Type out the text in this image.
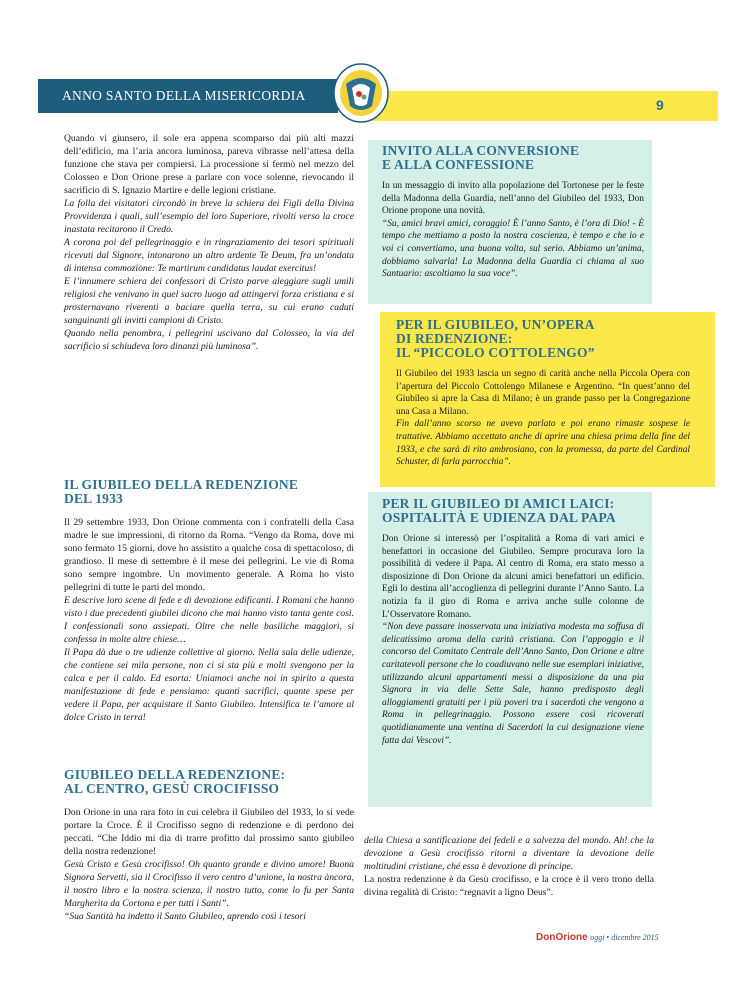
ANNO SANTO DELLA MISERICORDIA
9

Quando vi giunsero, il sole era appena scomparso dai più alti mazzi dell’edificio, ma l’aria ancora luminosa, pareva vibrasse nell’attesa della funzione che stava per compiersi. La processione si fermò nel mezzo del Colosseo e Don Orione prese a parlare con voce solenne, rievocando il sacrificio di S. Ignazio Martire e delle legioni cristiane.

La folla dei visitatori circondò in breve la schiera dei Figli della Divina Provvidenza i quali, sull’esempio del loro Superiore, rivolti verso la croce inastata recitarono il Credo.

A corona poi del pellegrinaggio e in ringraziamento dei tesori spirituali ricevuti dal Signore, intonarono un altro ardente Te Deum, fra un’ondata di intensa commozione: Te martirum candidatus laudat exercitus!

E l’innumere schiera dei confessori di Cristo parve aleggiare sugli umili religiosi che venivano in quel sacro luogo ad attingervi forza cristiana e si prosternavano riverenti a baciare quella terra, su cui erano caduti sanguinanti gli invitti campioni di Cristo.

Quando nella penombra, i pellegrini uscivano dal Colosseo, la via del sacrificio si schiudeva loro dinanzi più luminosa”.

IL GIUBILEO DELLA REDENZIONE
DEL 1933

Il 29 settembre 1933, Don Orione commenta con i confratelli della Casa madre le sue impressioni, di ritorno da Roma. “Vengo da Roma, dove mi sono fermato 15 giorni, dove ho assistito a qualche cosa di spettacoloso, di grandioso. Il mese di settembre è il mese dei pellegrini. Le vie di Roma sono sempre ingombre. Un movimento generale. A Roma ho visto pellegrini di tutte le parti del mondo.

E descrive loro scene di fede e di devozione edificanti. I Romani che hanno visto i due precedenti giubilei dicono che mai hanno visto tanta gente così. I confessionali sono assiepati. Oltre che nelle basiliche maggiori, si confessa in molte altre chiese…

Il Papa dà due o tre udienze collettive al giorno. Nella sala delle udienze, che contiene sei mila persone, non ci si sta più e molti svengono per la calca e per il caldo. Ed esorta: Uniamoci anche noi in spirito a questa manifestazione di fede e pensiamo: quanti sacrifici, quante spese per vedere il Papa, per acquistare il Santo Giubileo. Intensifica te l’amore al dolce Cristo in terra!

GIUBILEO DELLA REDENZIONE:
AL CENTRO, GESÙ CROCIFISSO

Don Orione in una rara foto in cui celebra il Giubileo del 1933, lo si vede portare la Croce. È il Crocifisso segno di redenzione e di perdono dei peccati. “Che Iddio mi dia di trarre profitto dal prossimo santo giubileo della nostra redenzione!

Gesù Cristo e Gesù crocifisso! Oh quanto grande e divino amore! Buona Signora Servetti, sia il Crocifisso il vero centro d’unione, la nostra àncora, il nostro libro e la nostra scienza, il nostro tutto, come lo fu per Santa Margherita da Cortona e per tutti i Santi”.

“Sua Santità ha indetto il Santo Giubileo, aprendo così i tesori

INVITO ALLA CONVERSIONE
E ALLA CONFESSIONE

In un messaggio di invito alla popolazione del Tortonese per le feste della Madonna della Guardia, nell’anno del Giubileo del 1933, Don Orione propone una novità.

“Su, amici bravi amici, coraggio! È l’anno Santo, è l’ora di Dio! - È tempo che mettiamo a posto la nostra coscienza, è tempo e che io e voi ci convertiamo, una buona volta, sul serio. Abbiamo un’anima, dobbiamo salvarla! La Madonna della Guardia ci chiama al suo Santuario: ascoltiamo la sua voce”.

PER IL GIUBILEO, UN’OPERA
DI REDENZIONE:
IL “PICCOLO COTTOLENGO”

Il Giubileo del 1933 lascia un segno di carità anche nella Piccola Opera con l’apertura del Piccolo Cottolengo Milanese e Argentino. “In quest’anno del Giubileo si apre la Casa di Milano; è un grande passo per la Congregazione una Casa a Milano.

Fin dall’anno scorso ne avevo parlato e poi erano rimaste sospese le trattative. Abbiamo accettato anche di aprire una chiesa prima della fine del 1933, e che sarà di rito ambrosiano, con la promessa, da parte del Cardinal Schuster, di farla parrocchia”.

PER IL GIUBILEO DI AMICI LAICI:
OSPITALITÀ E UDIENZA DAL PAPA

Don Orione si interessò per l’ospitalità a Roma di vari amici e benefattori in occasione del Giubileo. Sempre procurava loro la possibilità di vedere il Papa. Al centro di Roma, era stato messo a disposizione di Don Orione da alcuni amici benefattori un edificio. Egli lo destina all’accoglienza di pellegrini durante l’Anno Santo. La notizia fa il giro di Roma e arriva anche sulle colonne de L’Osservatore Romano.

“Non deve passare inosservata una iniziativa modesta ma soffusa di delicatissimo aroma della carità cristiana. Con l’appoggio e il concorso del Comitato Centrale dell’Anno Santo, Don Orione e altre caritatevoli persone che lo coadiuvano nelle sue esemplari iniziative, utilizzando alcuni appartamenti messi a disposizione da una pia Signora in via delle Sette Sale, hanno predisposto degli alloggiamenti gratuiti per i più poveri tra i sacerdoti che vengono a Roma in pellegrinaggio. Possono essere così ricoverati quotidianamente una ventina di Sacerdoti la cui designazione viene fatta dai Vescovi”.

della Chiesa a santificazione dei fedeli e a salvezza del mondo. Ah! che la devozione a Gesù crocifisso ritorni a diventare la devozione delle moltitudini cristiane, ché essa è devozione di principe.

La nostra redenzione è da Gesù crocifisso, e la croce è il vero trono della divina regalità di Cristo: “regnavit a ligno Deus”.

DonOrione oggi • dicembre 2015
